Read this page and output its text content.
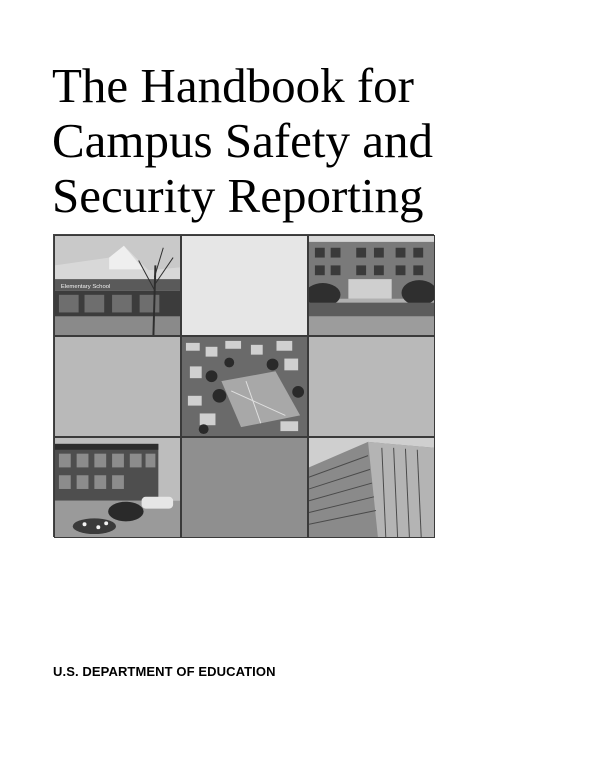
The Handbook for
Campus Safety and
Security Reporting
Elementary School
U.S. DEPARTMENT OF EDUCATION
